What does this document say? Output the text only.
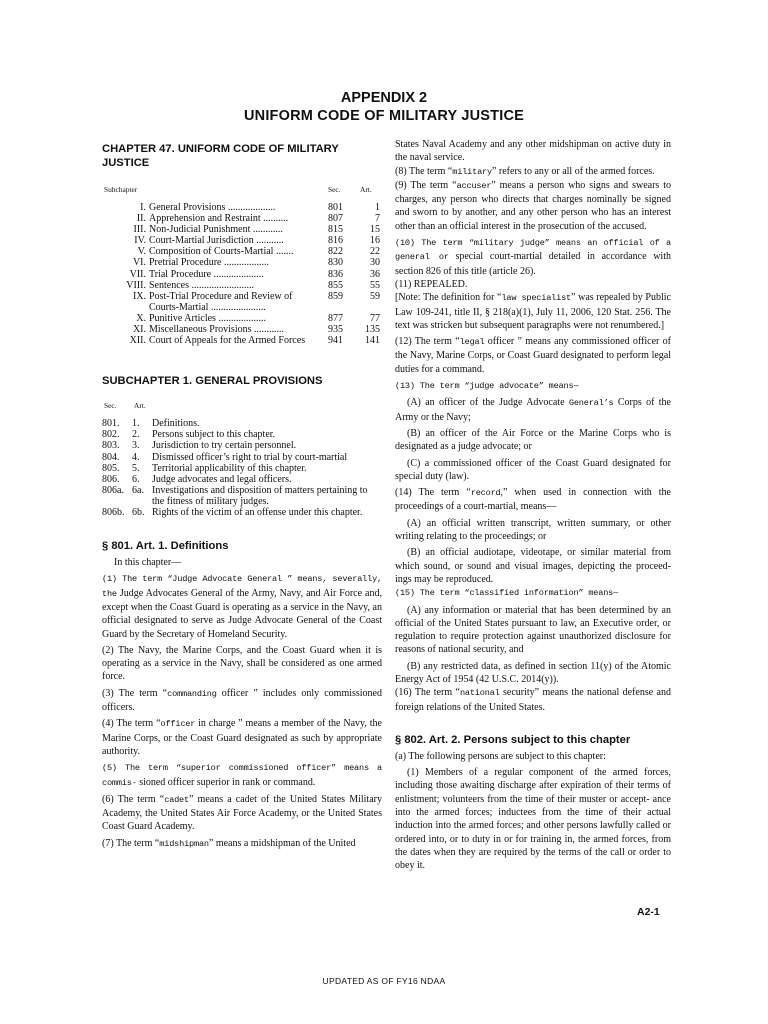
APPENDIX 2
UNIFORM CODE OF MILITARY JUSTICE
CHAPTER 47. UNIFORM CODE OF MILITARY JUSTICE
Subchapter	Sec.	Art.
I. General Provisions ...................	801	1
II. Apprehension and Restraint ..........	807	7
III. Non-Judicial Punishment ............	815	15
IV. Court-Martial Jurisdiction ...........	816	16
V. Composition of Courts-Martial .......	822	22
VI. Pretrial Procedure ..................	830	30
VII. Trial Procedure ....................	836	36
VIII. Sentences .........................	855	55
IX. Post-Trial Procedure and Review of	859	59
Courts-Martial ......................
X. Punitive Articles ...................	877	77
XI. Miscellaneous Provisions ............	935 135
XII. Court of Appeals for the Armed Forces	941 141
SUBCHAPTER 1. GENERAL PROVISIONS
Sec. Art.
801. 1. Definitions.
802. 2. Persons subject to this chapter.
803. 3. Jurisdiction to try certain personnel.
804. 4. Dismissed officer’s right to trial by court-martial
805. 5. Territorial applicability of this chapter.
806. 6. Judge advocates and legal officers.
806a. 6a. Investigations and disposition of matters pertaining to the fitness of military judges.
806b. 6b. Rights of the victim of an offense under this chapter.
§ 801. Art. 1. Definitions

In this chapter—

(1) The term “Judge Advocate General ” means, severally, the Judge Advocates General of the Army, Navy, and Air Force and, except when the Coast Guard is operating as a service in the Navy, an official designated to serve as Judge Advocate General of the Coast Guard by the Secretary of Homeland Security.

(2) The Navy, the Marine Corps, and the Coast Guard when it is operating as a service in the Navy, shall be considered as one armed force.

(3) The term “commanding officer ” includes only commissioned officers.

(4) The term “officer in charge ” means a member of the Navy, the Marine Corps, or the Coast Guard designated as such by appropriate authority.

(5) The term “superior commissioned officer” means a commis- sioned officer superior in rank or command.

(6) The term “cadet” means a cadet of the United States Military Academy, the United States Air Force Academy, or the United States Coast Guard Academy.

(7) The term “midshipman” means a midshipman of the United

States Naval Academy and any other midshipman on active duty in the naval service.

(8) The term “military” refers to any or all of the armed forces.

(9) The term “accuser” means a person who signs and swears to charges, any person who directs that charges nominally be signed and sworn to by another, and any other person who has an interest other than an official interest in the prosecution of the accused.

(10) The term “military judge” means an official of a general or special court-martial detailed in accordance with section 826 of this title (article 26).

(11) REPEALED.

[Note: The definition for “law specialist” was repealed by Public Law 109-241, title II, § 218(a)(1), July 11, 2006, 120 Stat. 256. The text was stricken but subsequent paragraphs were not renumbered.]

(12) The term “legal officer ” means any commissioned officer of the Navy, Marine Corps, or Coast Guard designated to perform legal duties for a command.

(13) The term “judge advocate” means—

(A) an officer of the Judge Advocate General’s Corps of the Army or the Navy;

(B) an officer of the Air Force or the Marine Corps who is designated as a judge advocate; or

(C) a commissioned officer of the Coast Guard designated for special duty (law).

(14) The term “record,” when used in connection with the proceedings of a court-martial, means—

(A) an official written transcript, written summary, or other writing relating to the proceedings; or

(B) an official audiotape, videotape, or similar material from which sound, or sound and visual images, depicting the proceed- ings may be reproduced.

(15) The term “classified information” means—

(A) any information or material that has been determined by an official of the United States pursuant to law, an Executive order, or regulation to require protection against unauthorized disclosure for reasons of national security, and

(B) any restricted data, as defined in section 11(y) of the Atomic Energy Act of 1954 (42 U.S.C. 2014(y)).

(16) The term “national security” means the national defense and foreign relations of the United States.

§ 802. Art. 2. Persons subject to this chapter

(a) The following persons are subject to this chapter:

(1) Members of a regular component of the armed forces, including those awaiting discharge after expiration of their terms of enlistment; volunteers from the time of their muster or accept- ance into the armed forces; inductees from the time of their actual induction into the armed forces; and other persons lawfully called or ordered into, or to duty in or for training in, the armed forces, from the dates when they are required by the terms of the call or order to obey it.

A2-1
UPDATED AS OF FY16 NDAA
